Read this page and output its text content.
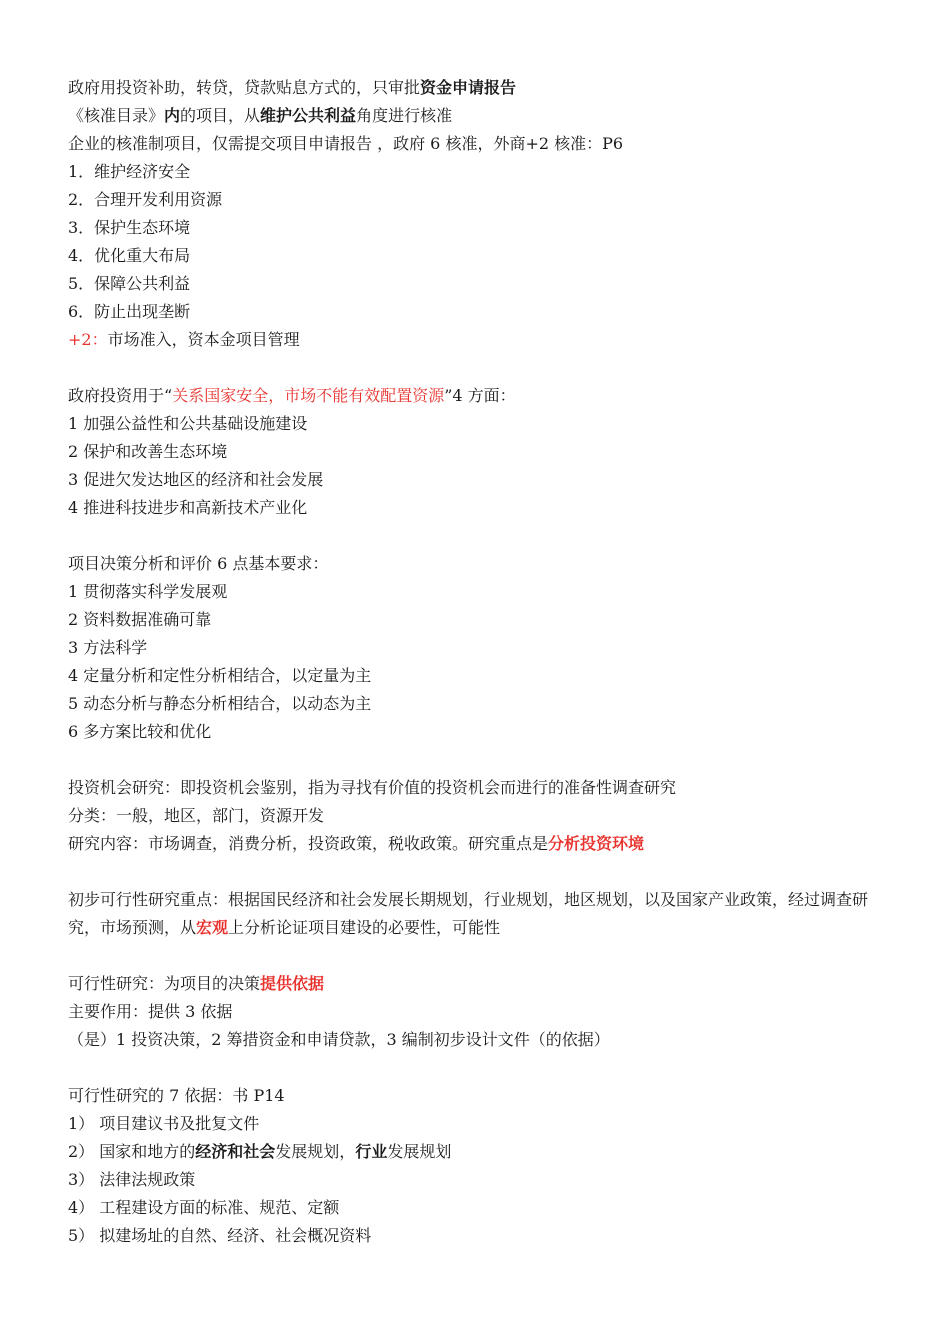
政府用投资补助，转贷，贷款贴息方式的，只审批资金申请报告
《核准目录》内的项目，从维护公共利益角度进行核准
企业的核准制项目，仅需提交项目申请报告 ，政府 6 核准，外商+2 核准：P6
1．维护经济安全
2．合理开发利用资源
3．保护生态环境
4．优化重大布局
5．保障公共利益
6．防止出现垄断
+2：市场准入，资本金项目管理
政府投资用于“关系国家安全，市场不能有效配置资源”4 方面：
1 加强公益性和公共基础设施建设
2 保护和改善生态环境
3 促进欠发达地区的经济和社会发展
4 推进科技进步和高新技术产业化
项目决策分析和评价 6 点基本要求：
1 贯彻落实科学发展观
2 资料数据准确可靠
3 方法科学
4 定量分析和定性分析相结合，以定量为主
5 动态分析与静态分析相结合，以动态为主
6 多方案比较和优化
投资机会研究：即投资机会鉴别，指为寻找有价值的投资机会而进行的准备性调查研究
分类：一般，地区，部门，资源开发
研究内容：市场调查，消费分析，投资政策，税收政策。研究重点是分析投资环境
初步可行性研究重点：根据国民经济和社会发展长期规划，行业规划，地区规划，以及国家产业政策，经过调查研究，市场预测，从宏观上分析论证项目建设的必要性，可能性
可行性研究：为项目的决策提供依据
主要作用：提供 3 依据
（是）1 投资决策，2 筹措资金和申请贷款，3 编制初步设计文件（的依据）
可行性研究的 7 依据：书 P14
1） 项目建议书及批复文件
2） 国家和地方的经济和社会发展规划，行业发展规划
3） 法律法规政策
4） 工程建设方面的标准、规范、定额
5） 拟建场址的自然、经济、社会概况资料
